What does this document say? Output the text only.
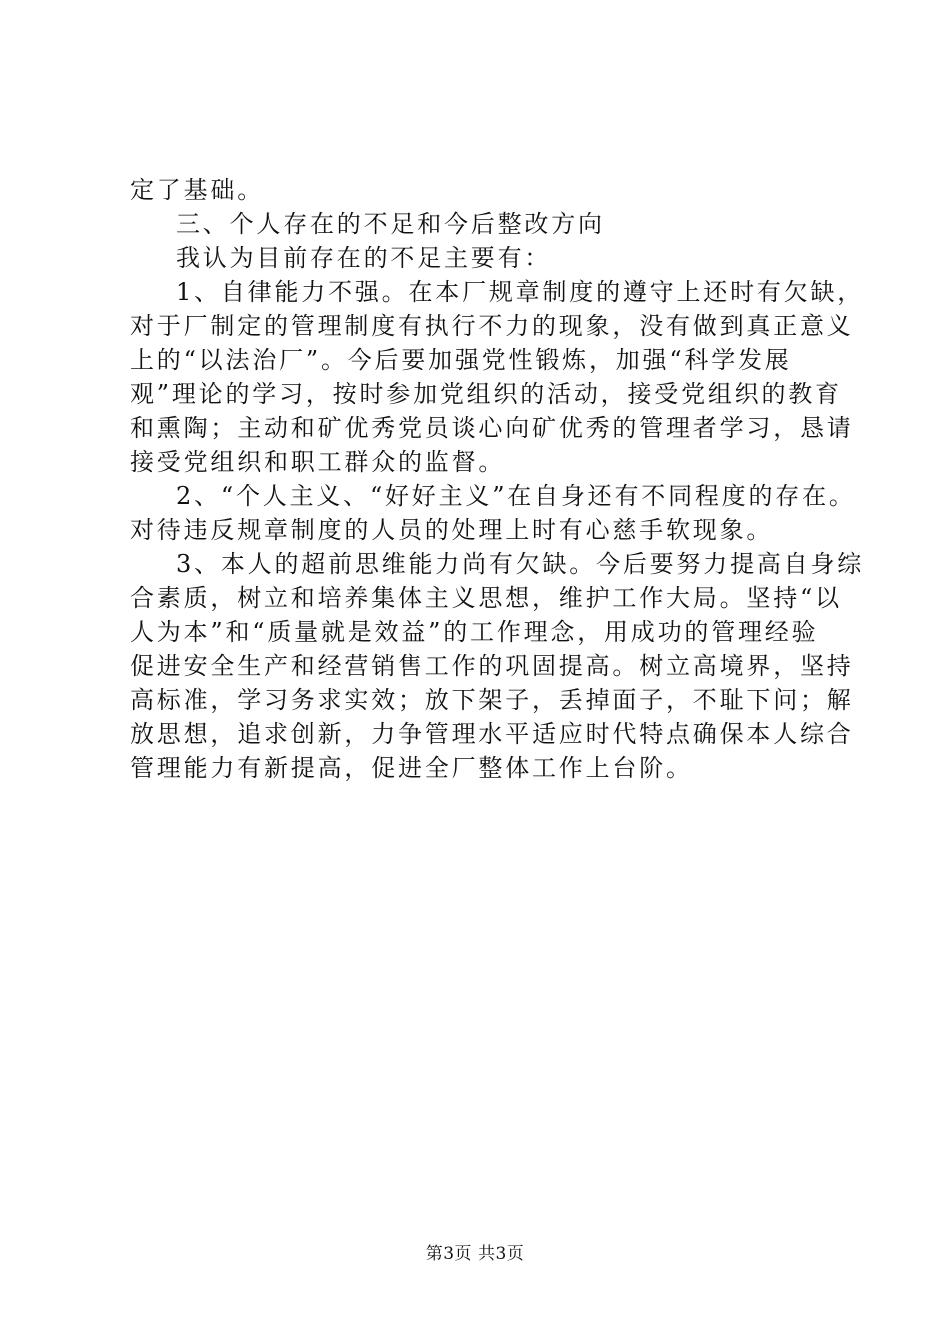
定了基础。
三、个人存在的不足和今后整改方向
我认为目前存在的不足主要有：
1、自律能力不强。在本厂规章制度的遵守上还时有欠缺，
对于厂制定的管理制度有执行不力的现象，没有做到真正意义
上的“以法治厂”。今后要加强党性锻炼，加强“科学发展
观”理论的学习，按时参加党组织的活动，接受党组织的教育
和熏陶；主动和矿优秀党员谈心向矿优秀的管理者学习，恳请
接受党组织和职工群众的监督。
2、“个人主义、“好好主义”在自身还有不同程度的存在。
对待违反规章制度的人员的处理上时有心慈手软现象。
3、本人的超前思维能力尚有欠缺。今后要努力提高自身综
合素质，树立和培养集体主义思想，维护工作大局。坚持“以
人为本”和“质量就是效益”的工作理念，用成功的管理经验
促进安全生产和经营销售工作的巩固提高。树立高境界，坚持
高标准，学习务求实效；放下架子，丢掉面子，不耻下问；解
放思想，追求创新，力争管理水平适应时代特点确保本人综合
管理能力有新提高，促进全厂整体工作上台阶。
第3页 共3页
